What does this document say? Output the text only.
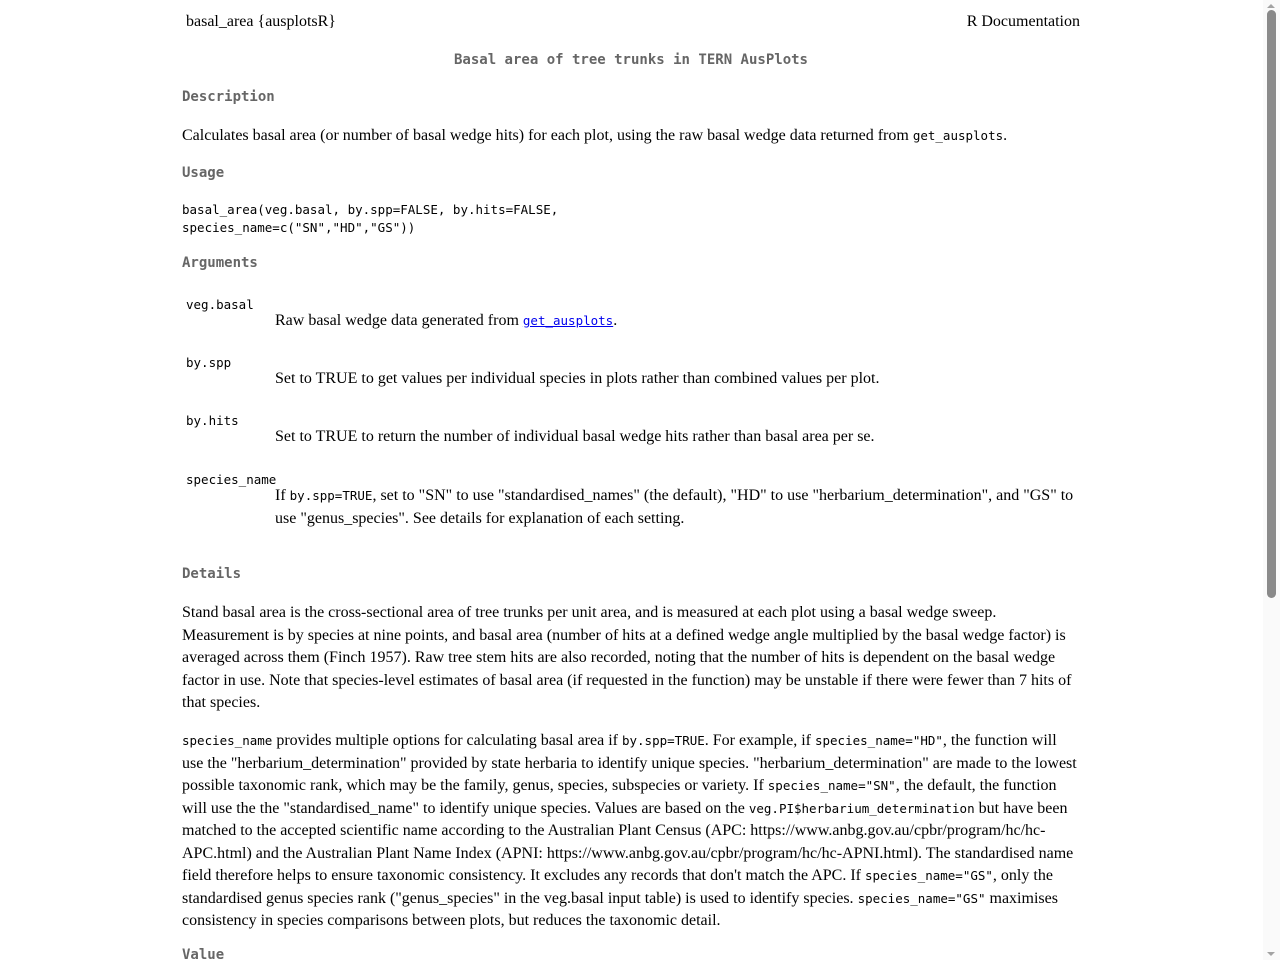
basal_area {ausplotsR}	R Documentation
Basal area of tree trunks in TERN AusPlots
Description

Calculates basal area (or number of basal wedge hits) for each plot, using the raw basal wedge data returned from get_ausplots.

Usage
basal_area(veg.basal, by.spp=FALSE, by.hits=FALSE,
species_name=c("SN","HD","GS"))
Arguments
veg.basal
Raw basal wedge data generated from get_ausplots.
by.spp
Set to TRUE to get values per individual species in plots rather than combined values per plot.
by.hits
Set to TRUE to return the number of individual basal wedge hits rather than basal area per se.
species_name
If by.spp=TRUE, set to "SN" to use "standardised_names" (the default), "HD" to use "herbarium_determination", and "GS" to use "genus_species". See details for explanation of each setting.
Details

Stand basal area is the cross-sectional area of tree trunks per unit area, and is measured at each plot using a basal wedge sweep. Measurement is by species at nine points, and basal area (number of hits at a defined wedge angle multiplied by the basal wedge factor) is averaged across them (Finch 1957). Raw tree stem hits are also recorded, noting that the number of hits is dependent on the basal wedge factor in use. Note that species-level estimates of basal area (if requested in the function) may be unstable if there were fewer than 7 hits of that species.

species_name provides multiple options for calculating basal area if by.spp=TRUE. For example, if species_name="HD", the function will use the "herbarium_determination" provided by state herbaria to identify unique species. "herbarium_determination" are made to the lowest possible taxonomic rank, which may be the family, genus, species, subspecies or variety. If species_name="SN", the default, the function will use the the "standardised_name" to identify unique species. Values are based on the veg.PI$herbarium_determination but have been matched to the accepted scientific name according to the Australian Plant Census (APC: https://www.anbg.gov.au/cpbr/program/hc/hc-APC.html) and the Australian Plant Name Index (APNI: https://www.anbg.gov.au/cpbr/program/hc/hc-APNI.html). The standardised name field therefore helps to ensure taxonomic consistency. It excludes any records that don't match the APC. If species_name="GS", only the standardised genus species rank ("genus_species" in the veg.basal input table) is used to identify species. species_name="GS" maximises consistency in species comparisons between plots, but reduces the taxonomic detail.

Value
